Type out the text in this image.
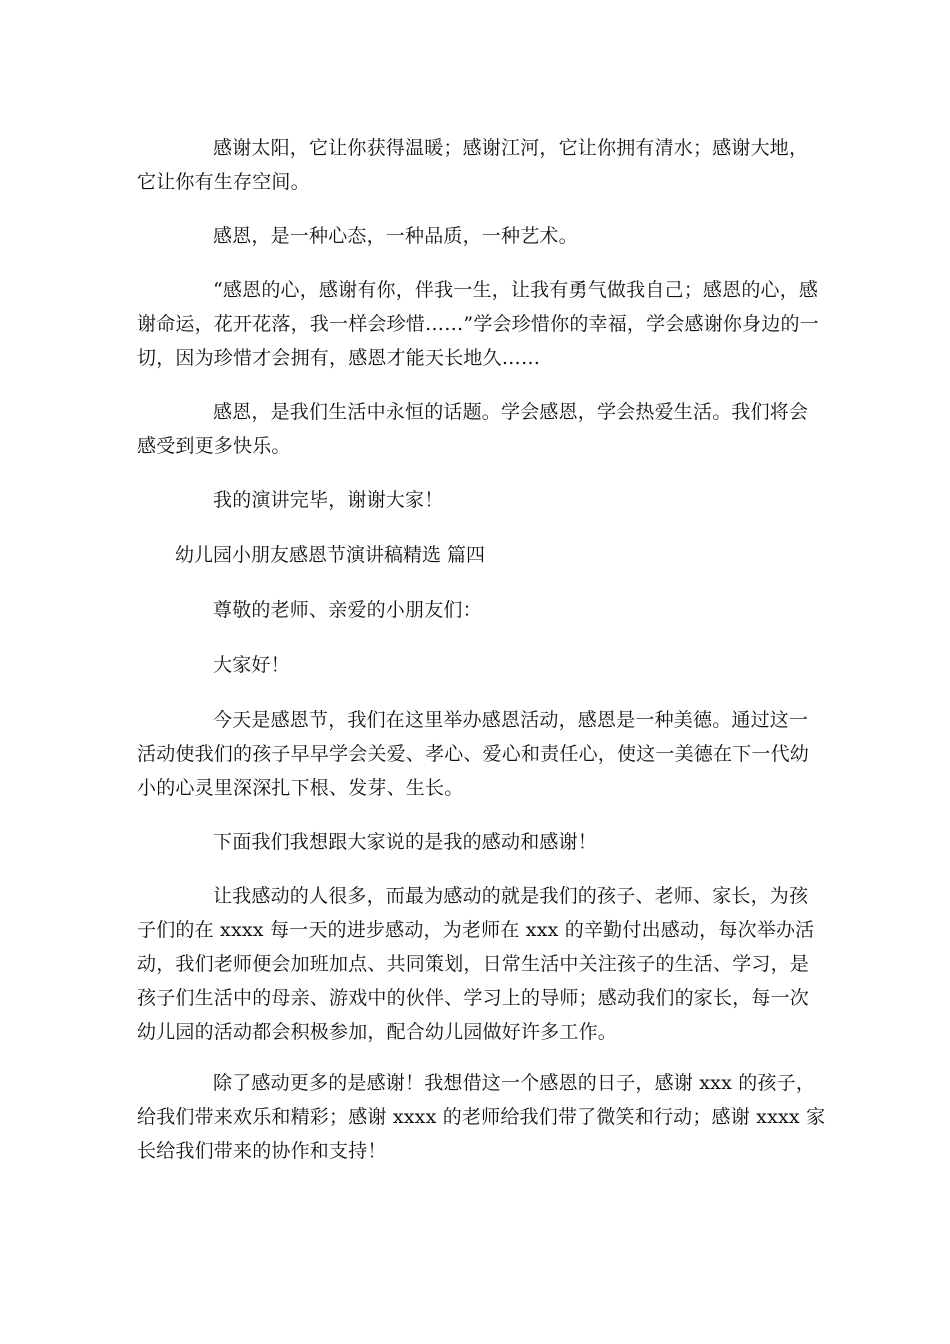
感谢太阳，它让你获得温暖；感谢江河，它让你拥有清水；感谢大地，它让你有生存空间。

感恩，是一种心态，一种品质，一种艺术。

“感恩的心，感谢有你，伴我一生，让我有勇气做我自己；感恩的心，感谢命运，花开花落，我一样会珍惜……”学会珍惜你的幸福，学会感谢你身边的一切，因为珍惜才会拥有，感恩才能天长地久……

感恩，是我们生活中永恒的话题。学会感恩，学会热爱生活。我们将会感受到更多快乐。

我的演讲完毕，谢谢大家！

幼儿园小朋友感恩节演讲稿精选 篇四

尊敬的老师、亲爱的小朋友们：

大家好！

今天是感恩节，我们在这里举办感恩活动，感恩是一种美德。通过这一活动使我们的孩子早早学会关爱、孝心、爱心和责任心，使这一美德在下一代幼小的心灵里深深扎下根、发芽、生长。

下面我们我想跟大家说的是我的感动和感谢！

让我感动的人很多，而最为感动的就是我们的孩子、老师、家长，为孩子们的在 xxxx 每一天的进步感动，为老师在 xxx 的辛勤付出感动，每次举办活动，我们老师便会加班加点、共同策划，日常生活中关注孩子的生活、学习，是孩子们生活中的母亲、游戏中的伙伴、学习上的导师；感动我们的家长，每一次幼儿园的活动都会积极参加，配合幼儿园做好许多工作。

除了感动更多的是感谢！我想借这一个感恩的日子，感谢 xxx 的孩子，给我们带来欢乐和精彩；感谢 xxxx 的老师给我们带了微笑和行动；感谢 xxxx 家长给我们带来的协作和支持！
